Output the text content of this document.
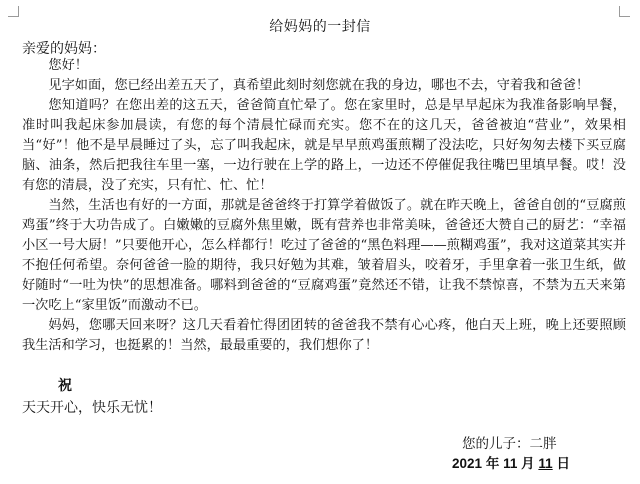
给妈妈的一封信
亲爱的妈妈：

您好！

见字如面，您已经出差五天了，真希望此刻时刻您就在我的身边，哪也不去，守着我和爸爸！

您知道吗？在您出差的这五天，爸爸简直忙晕了。您在家里时，总是早早起床为我准备影响早餐，准时叫我起床参加晨读，有您的每个清晨忙碌而充实。您不在的这几天，爸爸被迫“营业”，效果相当“好”！他不是早晨睡过了头，忘了叫我起床，就是早早煎鸡蛋煎糊了没法吃，只好匆匆去楼下买豆腐脑、油条，然后把我往车里一塞，一边行驶在上学的路上，一边还不停催促我往嘴巴里填早餐。哎！没有您的清晨，没了充实，只有忙、忙、忙！

当然，生活也有好的一方面，那就是爸爸终于打算学着做饭了。就在昨天晚上，爸爸自创的“豆腐煎鸡蛋”终于大功告成了。白嫩嫩的豆腐外焦里嫩，既有营养也非常美味，爸爸还大赞自己的厨艺：“幸福小区一号大厨！”只要他开心，怎么样都行！吃过了爸爸的“黑色料理——煎糊鸡蛋”，我对这道菜其实并不抱任何希望。奈何爸爸一脸的期待，我只好勉为其难，皱着眉头，咬着牙，手里拿着一张卫生纸，做好随时“一吐为快”的思想准备。哪料到爸爸的“豆腐鸡蛋”竟然还不错，让我不禁惊喜，不禁为五天来第一次吃上“家里饭”而激动不已。

妈妈，您哪天回来呀？这几天看着忙得团团转的爸爸我不禁有心心疼，他白天上班，晚上还要照顾我生活和学习，也挺累的！当然，最最重要的，我们想你了！

祝
天天开心，快乐无忧！
您的儿子：二胖
2021 年 11 月 11 日
